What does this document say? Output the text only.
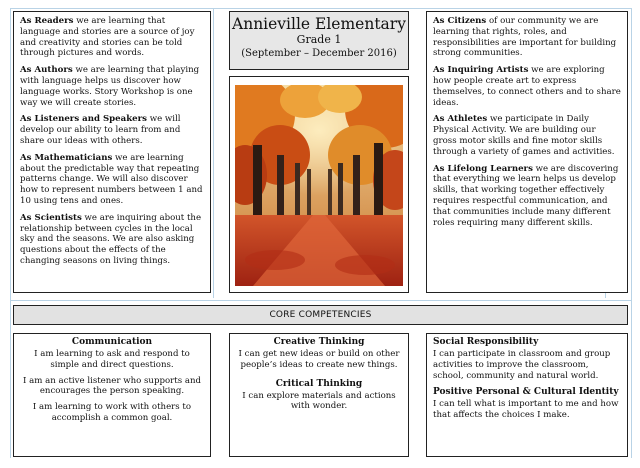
As Readers we are learning that language and stories are a source of joy and creativity and stories can be told through pictures and words.

As Authors we are learning that playing with language helps us discover how language works. Story Workshop is one way we will create stories.

As Listeners and Speakers we will develop our ability to learn from and share our ideas with others.

As Mathematicians we are learning about the predictable way that repeating patterns change. We will also discover how to represent numbers between 1 and 10 using tens and ones.

As Scientists we are inquiring about the relationship between cycles in the local sky and the seasons. We are also asking questions about the effects of the changing seasons on living things.

Annieville Elementary
Grade 1
(September – December 2016)

As Citizens of our community we are learning that rights, roles, and responsibilities are important for building strong communities.

As Inquiring Artists we are exploring how people create art to express themselves, to connect others and to share ideas.

As Athletes we participate in Daily Physical Activity. We are building our gross motor skills and fine motor skills through a variety of games and activities.

As Lifelong Learners we are discovering that everything we learn helps us develop skills, that working together effectively requires respectful communication, and that communities include many different roles requiring many different skills.

CORE COMPETENCIES
Communication

I am learning to ask and respond to simple and direct questions.

I am an active listener who supports and encourages the person speaking.

I am learning to work with others to accomplish a common goal.

Creative Thinking

I can get new ideas or build on other people’s ideas to create new things.

Critical Thinking

I can explore materials and actions with wonder.

Social Responsibility

I can participate in classroom and group activities to improve the classroom, school, community and natural world.

Positive Personal & Cultural Identity

I can tell what is important to me and how that affects the choices I make.
